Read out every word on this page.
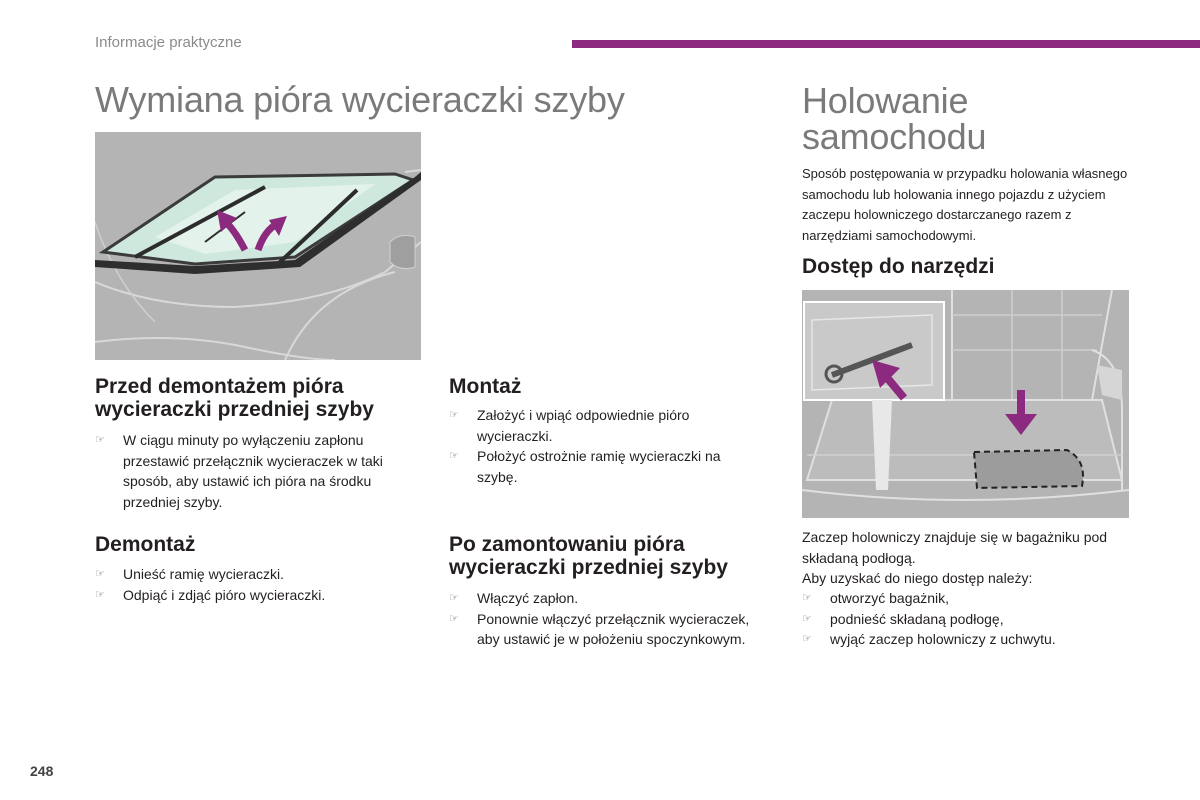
Informacje praktyczne
Wymiana pióra wycieraczki szyby
Przed demontażem pióra wycieraczki przedniej szyby
☞ W ciągu minuty po wyłączeniu zapłonu przestawić przełącznik wycieraczek w taki sposób, aby ustawić ich pióra na środku przedniej szyby.
Demontaż
☞ Unieść ramię wycieraczki.
☞ Odpiąć i zdjąć pióro wycieraczki.
Montaż
☞ Założyć i wpiąć odpowiednie pióro wycieraczki.
☞ Położyć ostrożnie ramię wycieraczki na szybę.
Po zamontowaniu pióra wycieraczki przedniej szyby
☞ Włączyć zapłon.
☞ Ponownie włączyć przełącznik wycieraczek, aby ustawić je w położeniu spoczynkowym.
Holowanie
samochodu

Sposób postępowania w przypadku holowania własnego samochodu lub holowania innego pojazdu z użyciem zaczepu holowniczego dostarczanego razem z narzędziami samochodowymi.

Dostęp do narzędzi

Zaczep holowniczy znajduje się w bagażniku pod składaną podłogą.

Aby uzyskać do niego dostęp należy:

☞ otworzyć bagażnik,
☞ podnieść składaną podłogę,
☞ wyjąć zaczep holowniczy z uchwytu.
248
